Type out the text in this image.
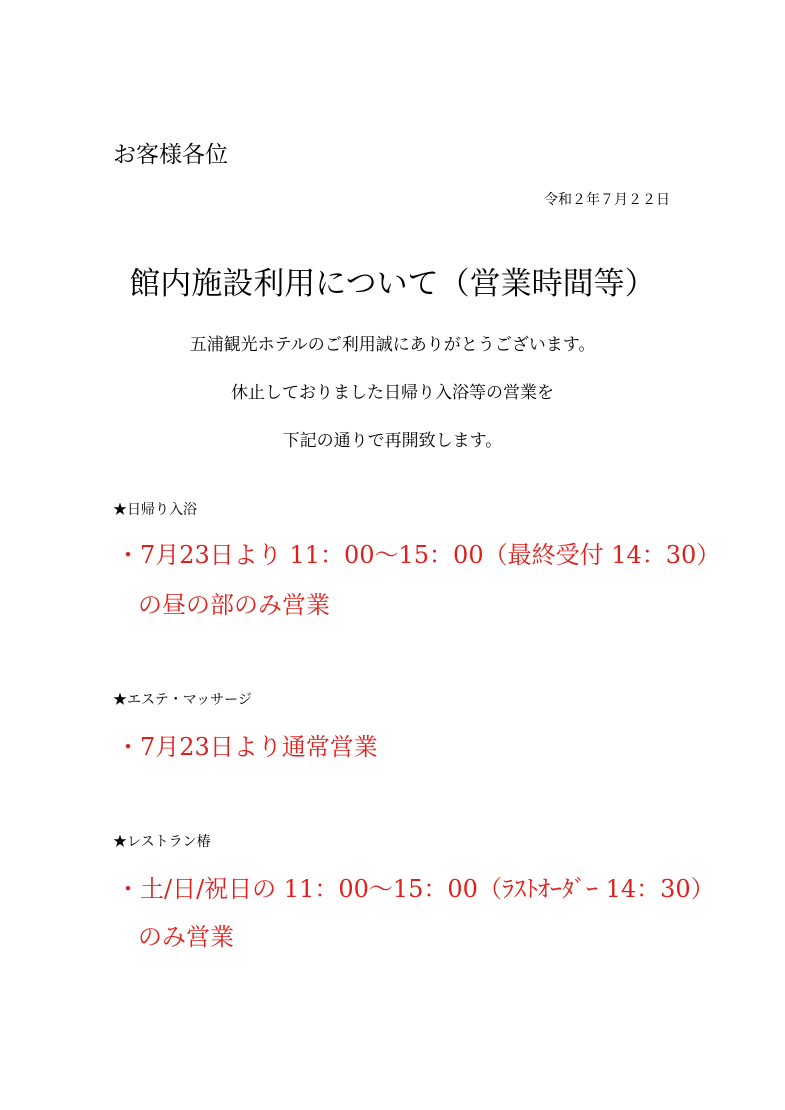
お客様各位
令和２年７月２２日
館内施設利用について（営業時間等）
五浦観光ホテルのご利用誠にありがとうございます。
休止しておりました日帰り入浴等の営業を
下記の通りで再開致します。
★日帰り入浴
・7月23日より 11：00～15：00（最終受付 14：30）
の昼の部のみ営業
★エステ・マッサージ
・7月23日より通常営業
★レストラン椿
・土/日/祝日の 11：00～15：00（ﾗｽﾄｵｰﾀﾞｰ 14：30）
のみ営業
